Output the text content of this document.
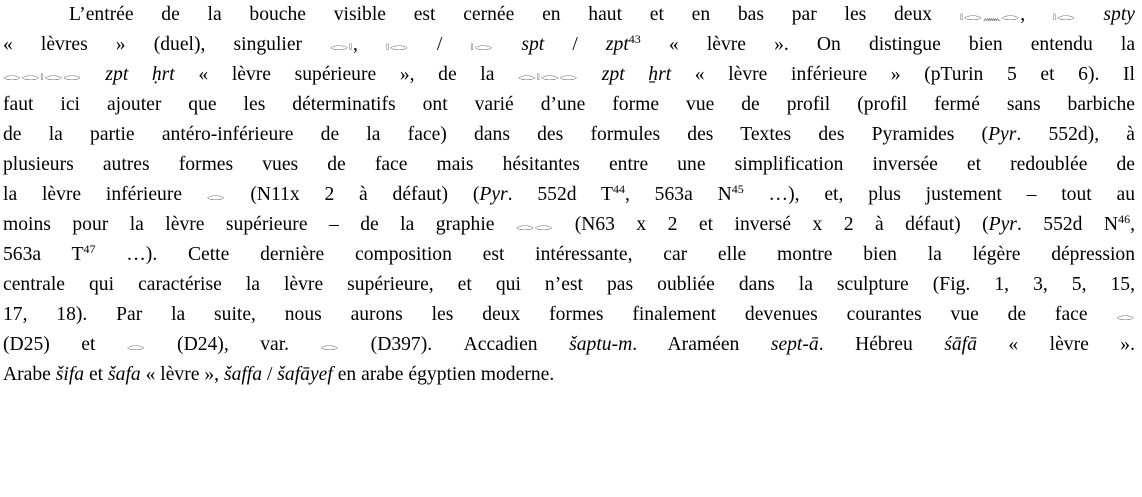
L’entrée de la bouche visible est cernée en haut et en bas par les deux 𓏤𓂋𓈖𓂋, 𓏤𓂋 spty
« lèvres » (duel), singulier 𓂋𓏤, 𓏤𓂋 / 𓏤𓂋 spt / zpt$^{43}$ « lèvre ». On distingue bien entendu la
𓂋𓂋𓏤𓂋𓂋 zpt ḥrt « lèvre supérieure », de la 𓂋𓏤𓂋𓂋 zpt ẖrt « lèvre inférieure » (pTurin 5 et 6). Il
faut ici ajouter que les déterminatifs ont varié d’une forme vue de profil (profil fermé sans barbiche
de la partie antéro-inférieure de la face) dans des formules des Textes des Pyramides (Pyr. 552d), à
plusieurs autres formes vues de face mais hésitantes entre une simplification inversée et redoublée de
la lèvre inférieure 𓂋 (N11x 2 à défaut) (Pyr. 552d $T^{44}$, 563a $N^{45}$ …), et, plus justement – tout au
moins pour la lèvre supérieure – de la graphie 𓂋𓂋 (N63 x 2 et inversé x 2 à défaut) (Pyr. 552d $N^{46}$,
563a $T^{47}$ …). Cette dernière composition est intéressante, car elle montre bien la légère dépression
centrale qui caractérise la lèvre supérieure, et qui n’est pas oubliée dans la sculpture (Fig. 1, 3, 5, 15,
17, 18). Par la suite, nous aurons les deux formes finalement devenues courantes vue de face 𓂋
(D25) et 𓂋 (D24), var. 𓂋 (D397). Accadien šaptu-m. Araméen sept-ā. Hébreu śāfā « lèvre ».
Arabe šifa et šafa « lèvre », šaffa / šafāyef en arabe égyptien moderne.
